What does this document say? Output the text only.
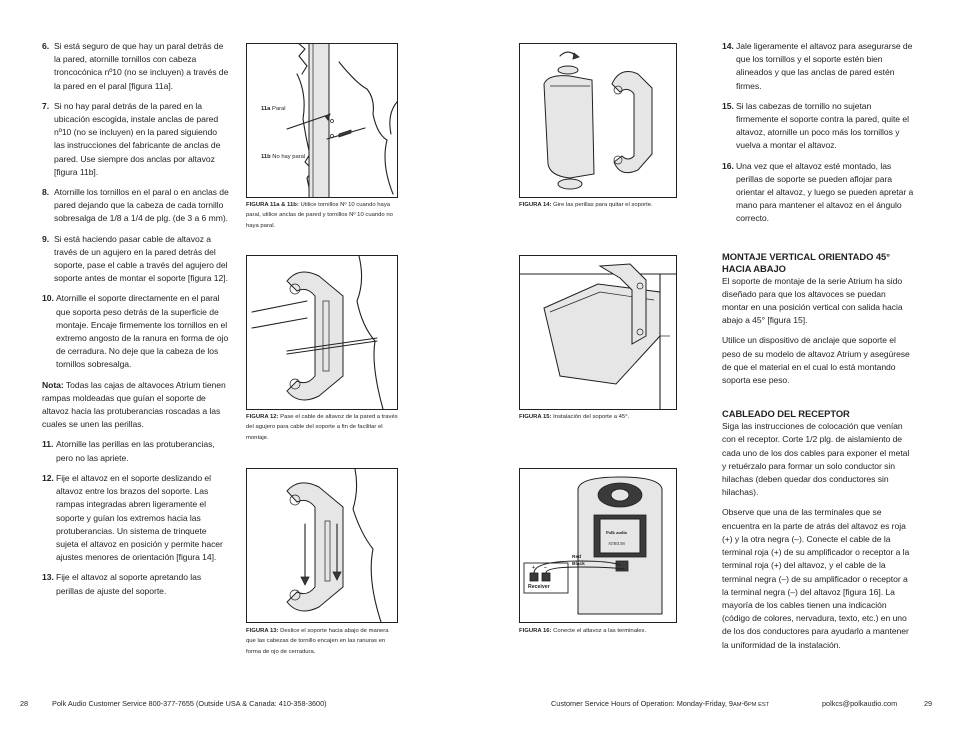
6. Si está seguro de que hay un paral detrás de la pared, atornille tornillos con cabeza troncocónica nº10 (no se incluyen) a través de la pared en el paral [figura 11a].
7. Si no hay paral detrás de la pared en la ubicación escogida, instale anclas de pared nº10 (no se incluyen) en la pared siguiendo las instrucciones del fabricante de anclas de pared. Use siempre dos anclas por altavoz [figura 11b].
8. Atornille los tornillos en el paral o en anclas de pared dejando que la cabeza de cada tornillo sobresalga de 1/8 a 1/4 de plg. (de 3 a 6 mm).
9. Si está haciendo pasar cable de altavoz a través de un agujero en la pared detrás del soporte, pase el cable a través del agujero del soporte antes de montar el soporte [figura 12].
10. Atornille el soporte directamente en el paral que soporta peso detrás de la superficie de montaje. Encaje firmemente los tornillos en el extremo angosto de la ranura en forma de ojo de cerradura. No deje que la cabeza de los tornillos sobresalga.
Nota: Todas las cajas de altavoces Atrium tienen rampas moldeadas que guían el soporte de altavoz hacia las protuberancias roscadas a las cuales se unen las perillas.
11. Atornille las perillas en las protuberancias, pero no las apriete.
12. Fije el altavoz en el soporte deslizando el altavoz entre los brazos del soporte. Las rampas integradas abren ligeramente el soporte y guían los extremos hacia las protuberancias. Un sistema de trinquete sujeta el altavoz en posición y permite hacer ajustes menores de orientación [figura 14].
13. Fije el altavoz al soporte apretando las perillas de ajuste del soporte.
11a Paral
11b No hay paral
FIGURA 11a & 11b: Utilice tornillos Nº 10 cuando haya paral, utilice anclas de pared y tornillos Nº 10 cuando no haya paral.
FIGURA 12: Pase el cable de altavoz de la pared a través del agujero para cable del soporte a fin de facilitar el montaje.
FIGURA 13: Deslice el soporte hacia abajo de manera que las cabezas de tornillo encajen en las ranuras en forma de ojo de cerradura.
FIGURA 14: Gire las perillas para quitar el soporte.
FIGURA 15: Instalación del soporte a 45°.
Red
Black
+ −
Receiver
Polk audio
ATRIUM
FIGURA 16: Conecte el altavoz a las terminales.
14. Jale ligeramente el altavoz para asegurarse de que los tornillos y el soporte estén bien alineados y que las anclas de pared estén firmes.
15. Si las cabezas de tornillo no sujetan firmemente el soporte contra la pared, quite el altavoz, atornille un poco más los tornillos y vuelva a montar el altavoz.
16. Una vez que el altavoz esté montado, las perillas de soporte se pueden aflojar para orientar el altavoz, y luego se pueden apretar a mano para mantener el altavoz en el ángulo correcto.
MONTAJE VERTICAL ORIENTADO 45° HACIA ABAJO
El soporte de montaje de la serie Atrium ha sido diseñado para que los altavoces se puedan montar en una posición vertical con salida hacia abajo a 45° [figura 15].
Utilice un dispositivo de anclaje que soporte el peso de su modelo de altavoz Atrium y asegúrese de que el material en el cual lo está montando soporta ese peso.
CABLEADO DEL RECEPTOR
Siga las instrucciones de colocación que venían con el receptor. Corte 1/2 plg. de aislamiento de cada uno de los dos cables para exponer el metal y retuérzalo para formar un solo conductor sin hilachas (deben quedar dos conductores sin hilachas).
Observe que una de las terminales que se encuentra en la parte de atrás del altavoz es roja (+) y la otra negra (–). Conecte el cable de la terminal roja (+) de su amplificador o receptor a la terminal roja (+) del altavoz, y el cable de la terminal negra (–) de su amplificador o receptor a la terminal negra (–) del altavoz [figura 16]. La mayoría de los cables tienen una indicación (código de colores, nervadura, texto, etc.) en uno de los dos conductores para ayudarlo a mantener la uniformidad de la instalación.
28	Polk Audio Customer Service 800-377-7655 (Outside USA & Canada: 410-358-3600)	Customer Service Hours of Operation: Monday-Friday, 9AM-6PM EST	polkcs@polkaudio.com	29
